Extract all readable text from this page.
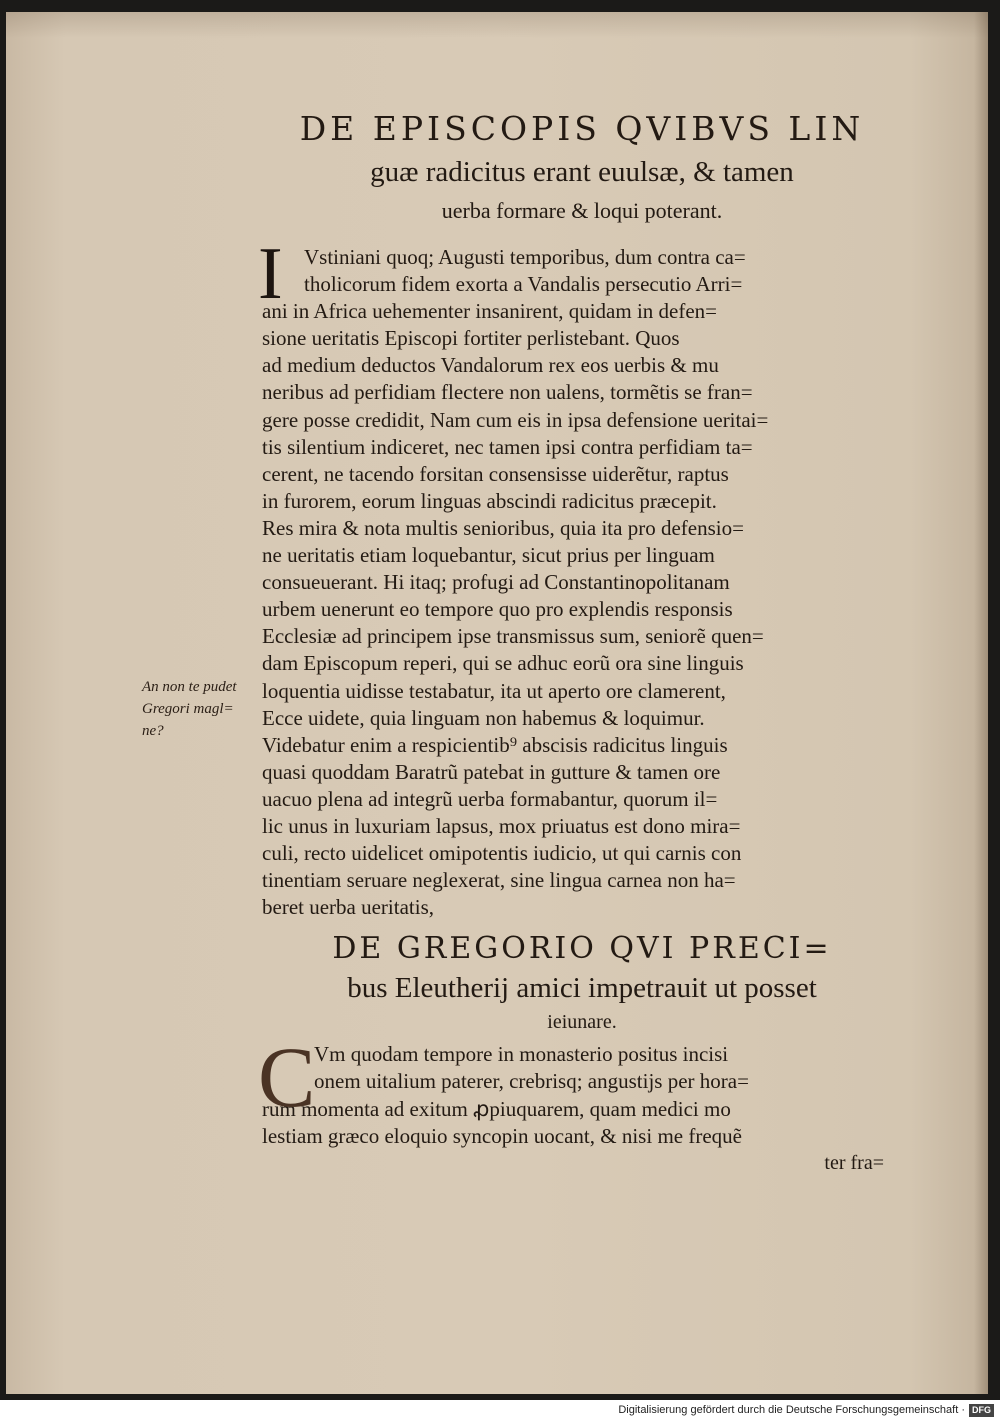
DE EPISCOPIS QVIBVS LIN
guæ radicitus erant euulsæ, & tamen
uerba formare & loqui poterant.
I	Vstiniani quoq; Augusti temporibus, dum contra ca=
tholicorum fidem exorta a Vandalis persecutio Arri=
ani in Africa uehementer insanirent, quidam in defen=
sione ueritatis Episcopi fortiter perlistebant. Quos
ad medium deductos Vandalorum rex eos uerbis & mu
neribus ad perfidiam flectere non ualens, tormẽtis se fran=
gere posse credidit, Nam cum eis in ipsa defensione ueritai=
tis silentium indiceret, nec tamen ipsi contra perfidiam ta=
cerent, ne tacendo forsitan consensisse uiderẽtur, raptus
in furorem, eorum linguas abscindi radicitus præcepit.
Res mira & nota multis senioribus, quia ita pro defensio=
ne ueritatis etiam loquebantur, sicut prius per linguam
consueuerant. Hi itaq; profugi ad Constantinopolitanam
urbem uenerunt eo tempore quo pro explendis responsis
Ecclesiæ ad principem ipse transmissus sum, seniorẽ quen=
dam Episcopum reperi, qui se adhuc eorũ ora sine linguis
loquentia uidisse testabatur, ita ut aperto ore clamerent,
Ecce uidete, quia linguam non habemus & loquimur.
Videbatur enim a respicientib⁹ abscisis radicitus linguis
quasi quoddam Baratrũ patebat in gutture & tamen ore
uacuo plena ad integrũ uerba formabantur, quorum il=
lic unus in luxuriam lapsus, mox priuatus est dono mira=
culi, recto uidelicet omipotentis iudicio, ut qui carnis con
tinentiam seruare neglexerat, sine lingua carnea non ha=
beret uerba ueritatis,
DE GREGORIO QVI PRECI=
bus Eleutherij amici impetrauit ut posset
ieiunare.
C
Vm quodam tempore in monasterio positus incisi
onem uitalium paterer, crebrisq; angustijs per hora=
rum momenta ad exitum ꝓpiuquarem, quam medici mo
lestiam græco eloquio syncopin uocant, & nisi me frequẽ
ter fra=
An non te pudet
Gregori magl=
ne?
Digitalisierung gefördert durch die Deutsche Forschungsgemeinschaft · DFG
